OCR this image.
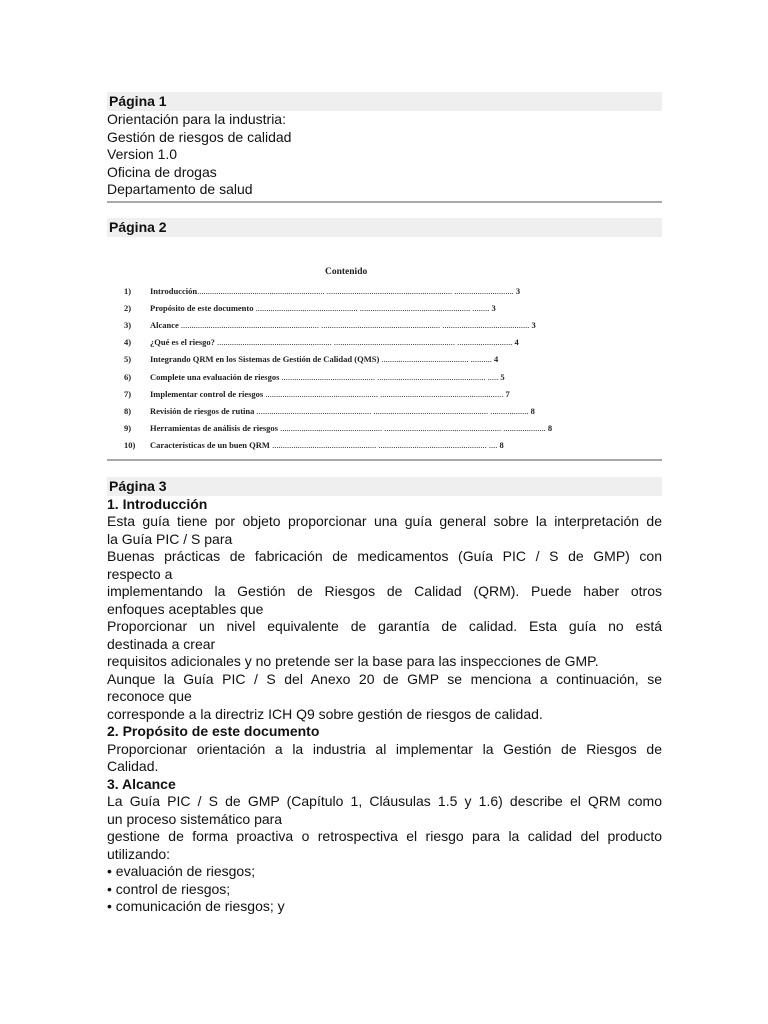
Página 1

Orientación para la industria:

Gestión de riesgos de calidad

Version 1.0

Oficina de drogas

Departamento de salud

Página 2
Contenido
1) Introducción............................................................ ........................................................... ............................ 3
2) Propósito de este documento ................................................ .................................................... ........ 3
3) Alcance ................................................................. ........................................................ ......................................... 3
4) ¿Qué es el riesgo? ...................................................... ......................................................... .......................... 4
5) Integrando QRM en los Sistemas de Gestión de Calidad (QMS) ......................................... .......... 4
6) Complete una evaluación de riesgos ............................................ ................................................... ..... 5
7) Implementar control de riesgos ..................................................... .......................................................... 7
8) Revisión de riesgos de rutina ...................................................... ...................................................... .................. 8
9) Herramientas de análisis de riesgos ................................................ ....................................................... .................... 8
10) Características de un buen QRM ................................................. ................................................... .... 8
Página 3

1. Introducción

Esta guía tiene por objeto proporcionar una guía general sobre la interpretación de

la Guía PIC / S para

Buenas prácticas de fabricación de medicamentos (Guía PIC / S de GMP) con

respecto a

implementando la Gestión de Riesgos de Calidad (QRM). Puede haber otros

enfoques aceptables que

Proporcionar un nivel equivalente de garantía de calidad. Esta guía no está

destinada a crear

requisitos adicionales y no pretende ser la base para las inspecciones de GMP.

Aunque la Guía PIC / S del Anexo 20 de GMP se menciona a continuación, se

reconoce que

corresponde a la directriz ICH Q9 sobre gestión de riesgos de calidad.

2. Propósito de este documento

Proporcionar orientación a la industria al implementar la Gestión de Riesgos de

Calidad.

3. Alcance

La Guía PIC / S de GMP (Capítulo 1, Cláusulas 1.5 y 1.6) describe el QRM como

un proceso sistemático para

gestione de forma proactiva o retrospectiva el riesgo para la calidad del producto

utilizando:

• evaluación de riesgos;

• control de riesgos;

• comunicación de riesgos; y
